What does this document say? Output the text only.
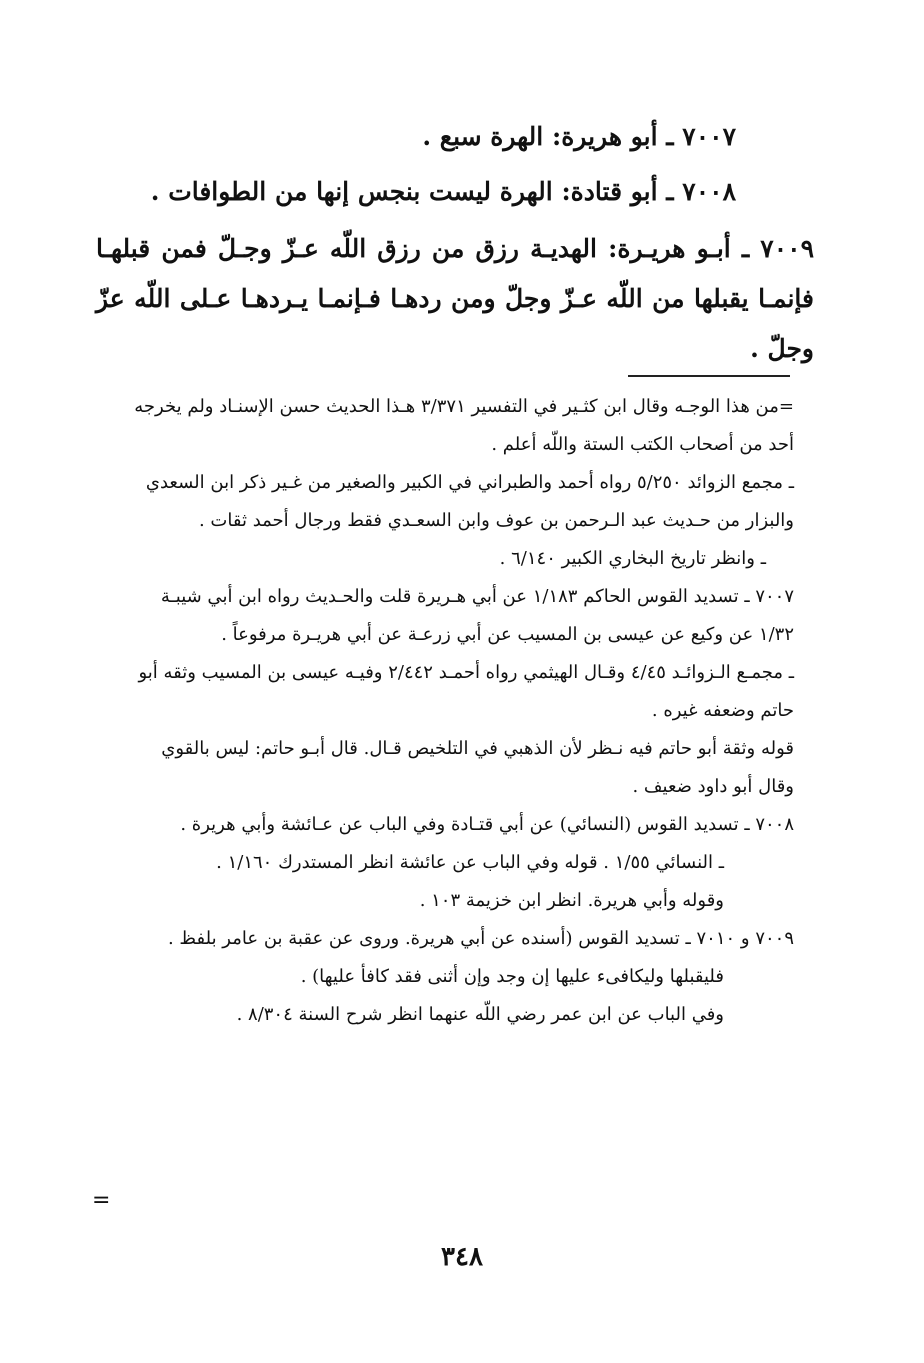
٧٠٠٧ ـ أبو هريرة: الهرة سبع .

٧٠٠٨ ـ أبو قتادة: الهرة ليست بنجس إنها من الطوافات .

٧٠٠٩ ـ أبـو هريـرة: الهديـة رزق من رزق اللّه عـزّ وجـلّ فمن قبلهـا فإنمـا يقبلها من اللّه عـزّ وجلّ ومن ردهـا فـإنمـا يـردهـا عـلى اللّه عزّ وجلّ .

=من هذا الوجـه وقال ابن كثـير في التفسير ٣/٣٧١ هـذا الحديث حسن الإسنـاد ولم يخرجه أحد من أصحاب الكتب الستة واللّه أعلم .

ـ مجمع الزوائد ٥/٢٥٠ رواه أحمد والطبراني في الكبير والصغير من غـير ذكر ابن السعدي والبزار من حـديث عبد الـرحمن بن عوف وابن السعـدي فقط ورجال أحمد ثقات .

ـ وانظر تاريخ البخاري الكبير ٦/١٤٠ .

٧٠٠٧ ـ تسديد القوس الحاكم ١/١٨٣ عن أبي هـريرة قلت والحـديث رواه ابن أبي شيبـة ١/٣٢ عن وكيع عن عيسى بن المسيب عن أبي زرعـة عن أبي هريـرة مرفوعاً .

ـ مجمـع الـزوائـد ٤/٤٥ وقـال الهيثمي رواه أحمـد ٢/٤٤٢ وفيـه عيسى بن المسيب وثقه أبو حاتم وضعفه غيره .

قوله وثقة أبو حاتم فيه نـظر لأن الذهبي في التلخيص قـال. قال أبـو حاتم: ليس بالقوي وقال أبو داود ضعيف .

٧٠٠٨ ـ تسديد القوس (النسائي) عن أبي قتـادة وفي الباب عن عـائشة وأبي هريرة .

ـ النسائي ١/٥٥ . قوله وفي الباب عن عائشة انظر المستدرك ١/١٦٠ .

وقوله وأبي هريرة. انظر ابن خزيمة ١٠٣ .

٧٠٠٩ و ٧٠١٠ ـ تسديد القوس (أسنده عن أبي هريرة. وروى عن عقبة بن عامر بلفظ .

فليقبلها وليكافىء عليها إن وجد وإن أثنى فقد كافأ عليها) .

وفي الباب عن ابن عمر رضي اللّه عنهما انظر شرح السنة ٨/٣٠٤ .

=
٣٤٨
